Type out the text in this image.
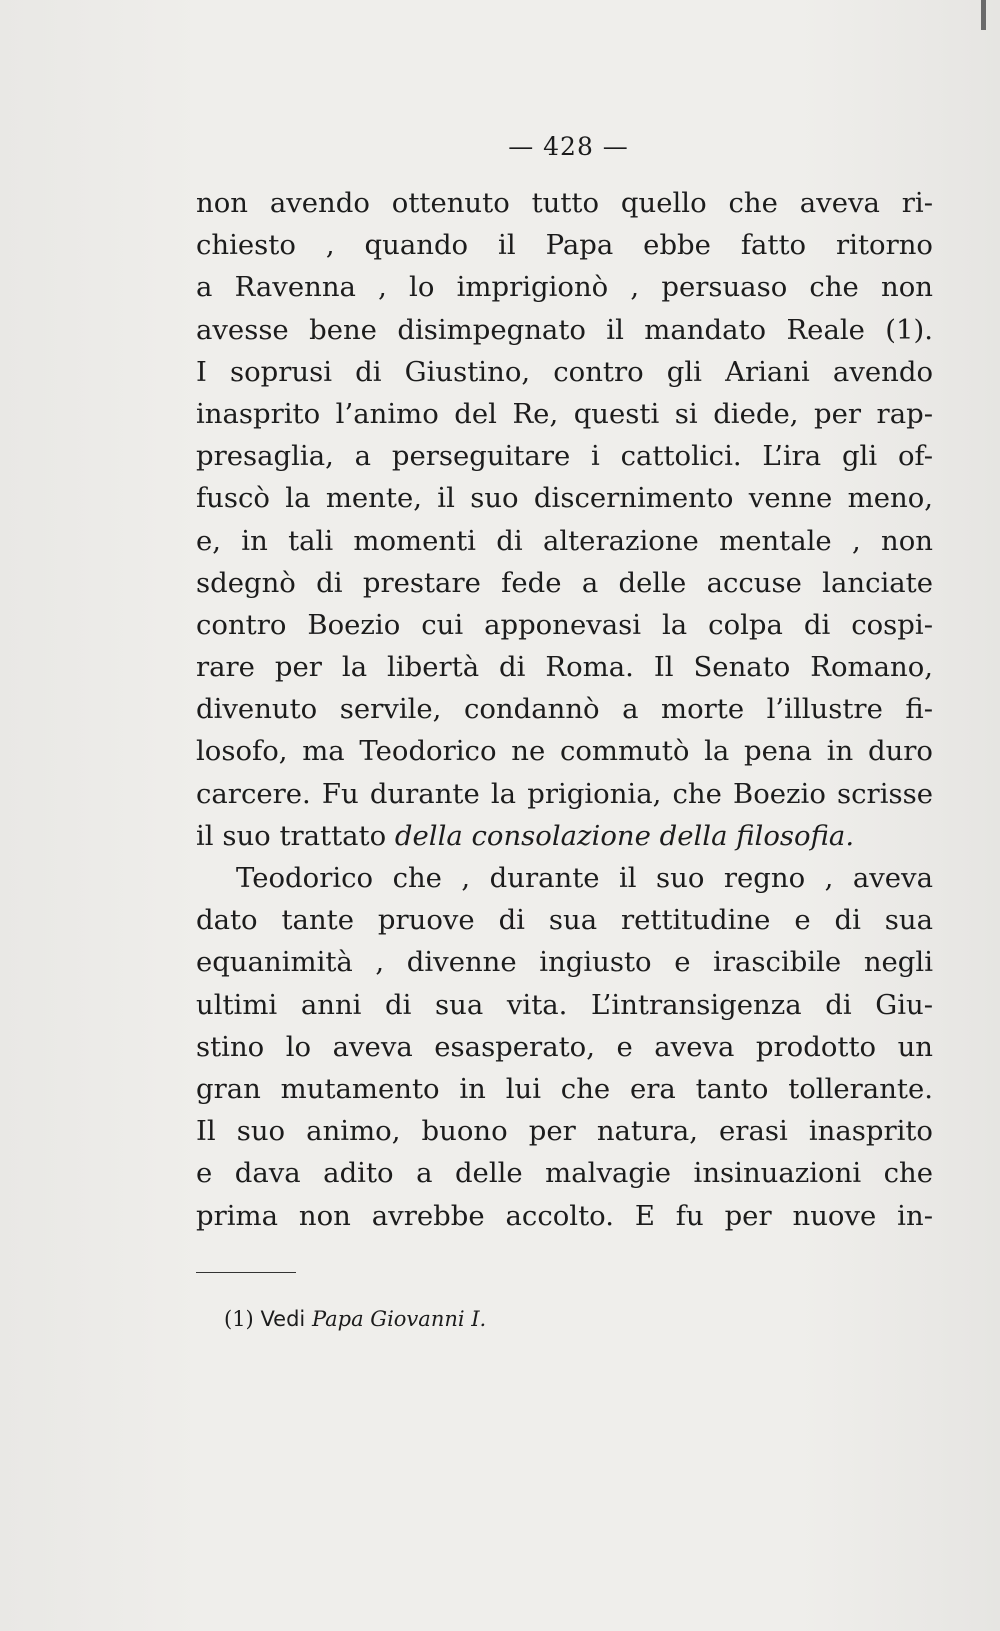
— 428 —
non avendo ottenuto tutto quello che aveva ri-
chiesto , quando il Papa ebbe fatto ritorno
a Ravenna , lo imprigionò , persuaso che non
avesse bene disimpegnato il mandato Reale (1).
I soprusi di Giustino, contro gli Ariani avendo
inasprito l’animo del Re, questi si diede, per rap-
presaglia, a perseguitare i cattolici. L’ira gli of-
fuscò la mente, il suo discernimento venne meno,
e, in tali momenti di alterazione mentale , non
sdegnò di prestare fede a delle accuse lanciate
contro Boezio cui apponevasi la colpa di cospi-
rare per la libertà di Roma. Il Senato Romano,
divenuto servile, condannò a morte l’illustre fi-
losofo, ma Teodorico ne commutò la pena in duro
carcere. Fu durante la prigionia, che Boezio scrisse
il suo trattato della consolazione della filosofia.
Teodorico che , durante il suo regno , aveva
dato tante pruove di sua rettitudine e di sua
equanimità , divenne ingiusto e irascibile negli
ultimi anni di sua vita. L’intransigenza di Giu-
stino lo aveva esasperato, e aveva prodotto un
gran mutamento in lui che era tanto tollerante.
Il suo animo, buono per natura, erasi inasprito
e dava adito a delle malvagie insinuazioni che
prima non avrebbe accolto. E fu per nuove in-
(1) Vedi Papa Giovanni I.
